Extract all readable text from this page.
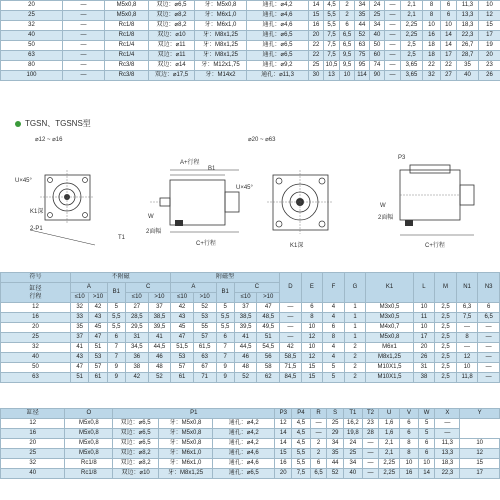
20	—	M5x0,8	双边：⌀6,5	牙：M5x0,8	通孔：⌀4,2	14	4,5	2	34	24	—	2,1	8	6	11,3	10
25	—	M5x0,8	双边：⌀8,2	牙：M6x1,0	通孔：⌀4,6	15	5,5	2	35	25	—	2,1	8	6	13,3	12
32	—	Rc1/8	双边：⌀8,2	牙：M6x1,0	通孔：⌀4,6	16	5,5	6	44	34	—	2,25	10	10	18,3	15
40	—	Rc1/8	双边：⌀10	牙：M8x1,25	通孔：⌀6,5	20	7,5	6,5	52	40	—	2,25	16	14	22,3	17
50	—	Rc1/4	双边：⌀11	牙：M8x1,25	通孔：⌀6,5	22	7,5	6,5	63	50	—	2,5	18	14	26,7	19
63	—	Rc1/4	双边：⌀11	牙：M8x1,25	通孔：⌀6,5	22	7,5	9,5	75	60	—	2,5	18	17	28,7	20
80	—	Rc3/8	双边：⌀14	牙：M12x1,75	通孔：⌀9,2	25	10,5	9,5	95	74	—	3,65	22	22	35	23
100	—	Rc3/8	双边：⌀17,5	牙：M14x2	通孔：⌀11,3	30	13	10	114	90	—	3,65	32	27	40	26
TGSN、TGSNS型
⌀12 ~ ⌀16	⌀20 ~ ⌀63
U×45°
K1深
2-P1
T1
A+行程
B1
W
2面幅
C+行程
U×45°
K1深
P3
W
2面幅
C+行程
符号	不附磁					附磁型					D	E	F	G	K1	L	M	N1	N3
缸径
行程	A		B1	C		A		B1	C										
	≤10	>10		≤10	>10	≤10	>10		≤10	>10									
12	32	42	5	27	37	42	52	5	37	47	—	6	4	1	M3x0,5	10	2,5	6,3	6
16	33	43	5,5	28,5	38,5	43	53	5,5	38,5	48,5	—	8	4	1	M3x0,5	11	2,5	7,5	6,5
20	35	45	5,5	29,5	39,5	45	55	5,5	39,5	49,5	—	10	6	1	M4x0,7	10	2,5	—	—
25	37	47	6	31	41	47	57	6	41	51	—	12	8	1	M5x0,8	17	2,5	8	—
32	41	51	7	34,5	44,5	51,5	61,5	7	44,5	54,5	42	10	4	2	M6x1	20	2,5	—	—
40	43	53	7	36	46	53	63	7	46	56	58,5	12	4	2	M8x1,25	26	2,5	12	—
50	47	57	9	38	48	57	67	9	48	58	71,5	15	5	2	M10X1,5	31	2,5	10	—
63	51	61	9	42	52	61	71	9	52	62	84,5	15	5	2	M10X1,5	38	2,5	11,8	—
缸径	O	P1			P3	P4	R	S	T1	T2	U	V	W	X	Y
12	M5x0,8	双边：⌀6,5	牙：M5x0,8	通孔：⌀4,2	12	4,5	—	25	16,2	23	1,6	6	5	—	
16	M5x0,8	双边：⌀6,5	牙：M5x0,8	通孔：⌀4,2	14	4,5	—	29	19,8	28	1,6	6	5	—	
20	M5x0,8	双边：⌀6,5	牙：M5x0,8	通孔：⌀4,2	14	4,5	2	34	24	—	2,1	8	6	11,3	10
25	M5x0,8	双边：⌀8,2	牙：M6x1,0	通孔：⌀4,6	15	5,5	2	35	25	—	2,1	8	6	13,3	12
32	Rc1/8	双边：⌀8,2	牙：M6x1,0	通孔：⌀4,6	16	5,5	6	44	34	—	2,25	10	10	18,3	15
40	Rc1/8	双边：⌀10	牙：M8x1,25	通孔：⌀6,5	20	7,5	6,5	52	40	—	2,25	16	14	22,3	17
